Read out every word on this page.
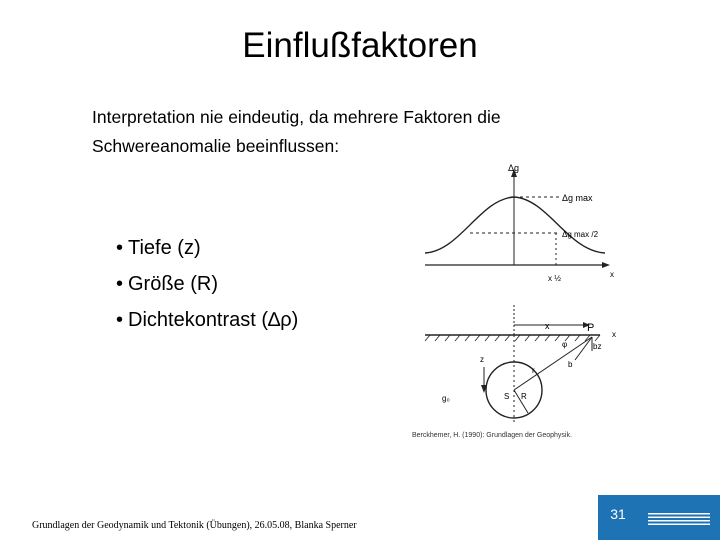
Einflußfaktoren
Interpretation nie eindeutig, da mehrere Faktoren die
Schwereanomalie beeinflussen:
• Tiefe (z)
• Größe (R)
• Dichtekontrast (∆ρ)
Δg
Δg max
Δg max /2
x ½	x
x	P
φ	bz
b
z
r
S R
g₀
x
Berckhemer, H. (1990): Grundlagen der Geophysik.
Grundlagen der Geodynamik und Tektonik (Übungen), 26.05.08, Blanka Sperner
31
